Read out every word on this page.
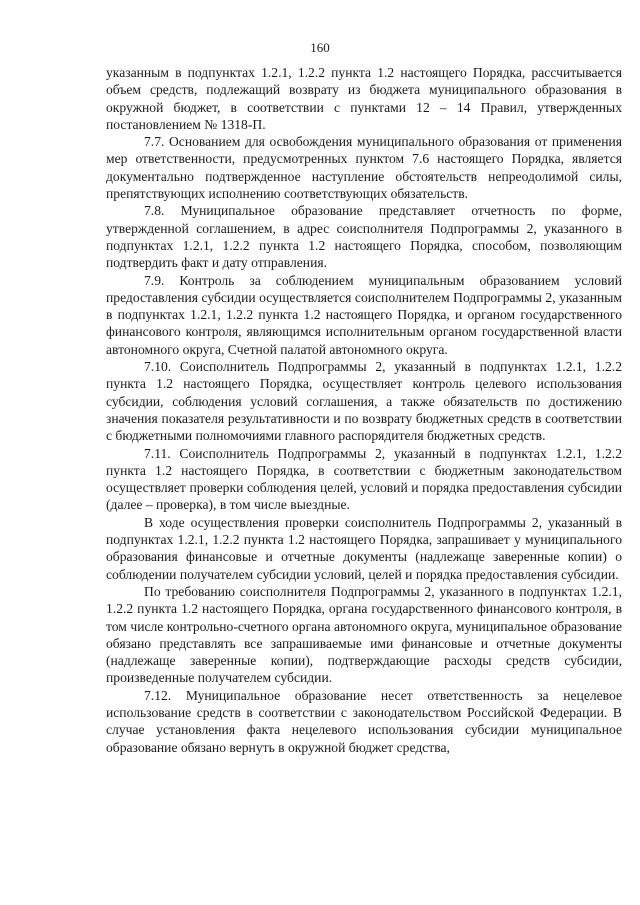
160

указанным в подпунктах 1.2.1, 1.2.2 пункта 1.2 настоящего Порядка, рассчитывается объем средств, подлежащий возврату из бюджета муниципального образования в окружной бюджет, в соответствии с пунктами 12 – 14 Правил, утвержденных постановлением № 1318-П.

7.7. Основанием для освобождения муниципального образования от применения мер ответственности, предусмотренных пунктом 7.6 настоящего Порядка, является документально подтвержденное наступление обстоятельств непреодолимой силы, препятствующих исполнению соответствующих обязательств.

7.8. Муниципальное образование представляет отчетность по форме, утвержденной соглашением, в адрес соисполнителя Подпрограммы 2, указанного в подпунктах 1.2.1, 1.2.2 пункта 1.2 настоящего Порядка, способом, позволяющим подтвердить факт и дату отправления.

7.9. Контроль за соблюдением муниципальным образованием условий предоставления субсидии осуществляется соисполнителем Подпрограммы 2, указанным в подпунктах 1.2.1, 1.2.2 пункта 1.2 настоящего Порядка, и органом государственного финансового контроля, являющимся исполнительным органом государственной власти автономного округа, Счетной палатой автономного округа.

7.10. Соисполнитель Подпрограммы 2, указанный в подпунктах 1.2.1, 1.2.2 пункта 1.2 настоящего Порядка, осуществляет контроль целевого использования субсидии, соблюдения условий соглашения, а также обязательств по достижению значения показателя результативности и по возврату бюджетных средств в соответствии с бюджетными полномочиями главного распорядителя бюджетных средств.

7.11. Соисполнитель Подпрограммы 2, указанный в подпунктах 1.2.1, 1.2.2 пункта 1.2 настоящего Порядка, в соответствии с бюджетным законодательством осуществляет проверки соблюдения целей, условий и порядка предоставления субсидии (далее – проверка), в том числе выездные.

В ходе осуществления проверки соисполнитель Подпрограммы 2, указанный в подпунктах 1.2.1, 1.2.2 пункта 1.2 настоящего Порядка, запрашивает у муниципального образования финансовые и отчетные документы (надлежаще заверенные копии) о соблюдении получателем субсидии условий, целей и порядка предоставления субсидии.

По требованию соисполнителя Подпрограммы 2, указанного в подпунктах 1.2.1, 1.2.2 пункта 1.2 настоящего Порядка, органа государственного финансового контроля, в том числе контрольно-счетного органа автономного округа, муниципальное образование обязано представлять все запрашиваемые ими финансовые и отчетные документы (надлежаще заверенные копии), подтверждающие расходы средств субсидии, произведенные получателем субсидии.

7.12. Муниципальное образование несет ответственность за нецелевое использование средств в соответствии с законодательством Российской Федерации. В случае установления факта нецелевого использования субсидии муниципальное образование обязано вернуть в окружной бюджет средства,
